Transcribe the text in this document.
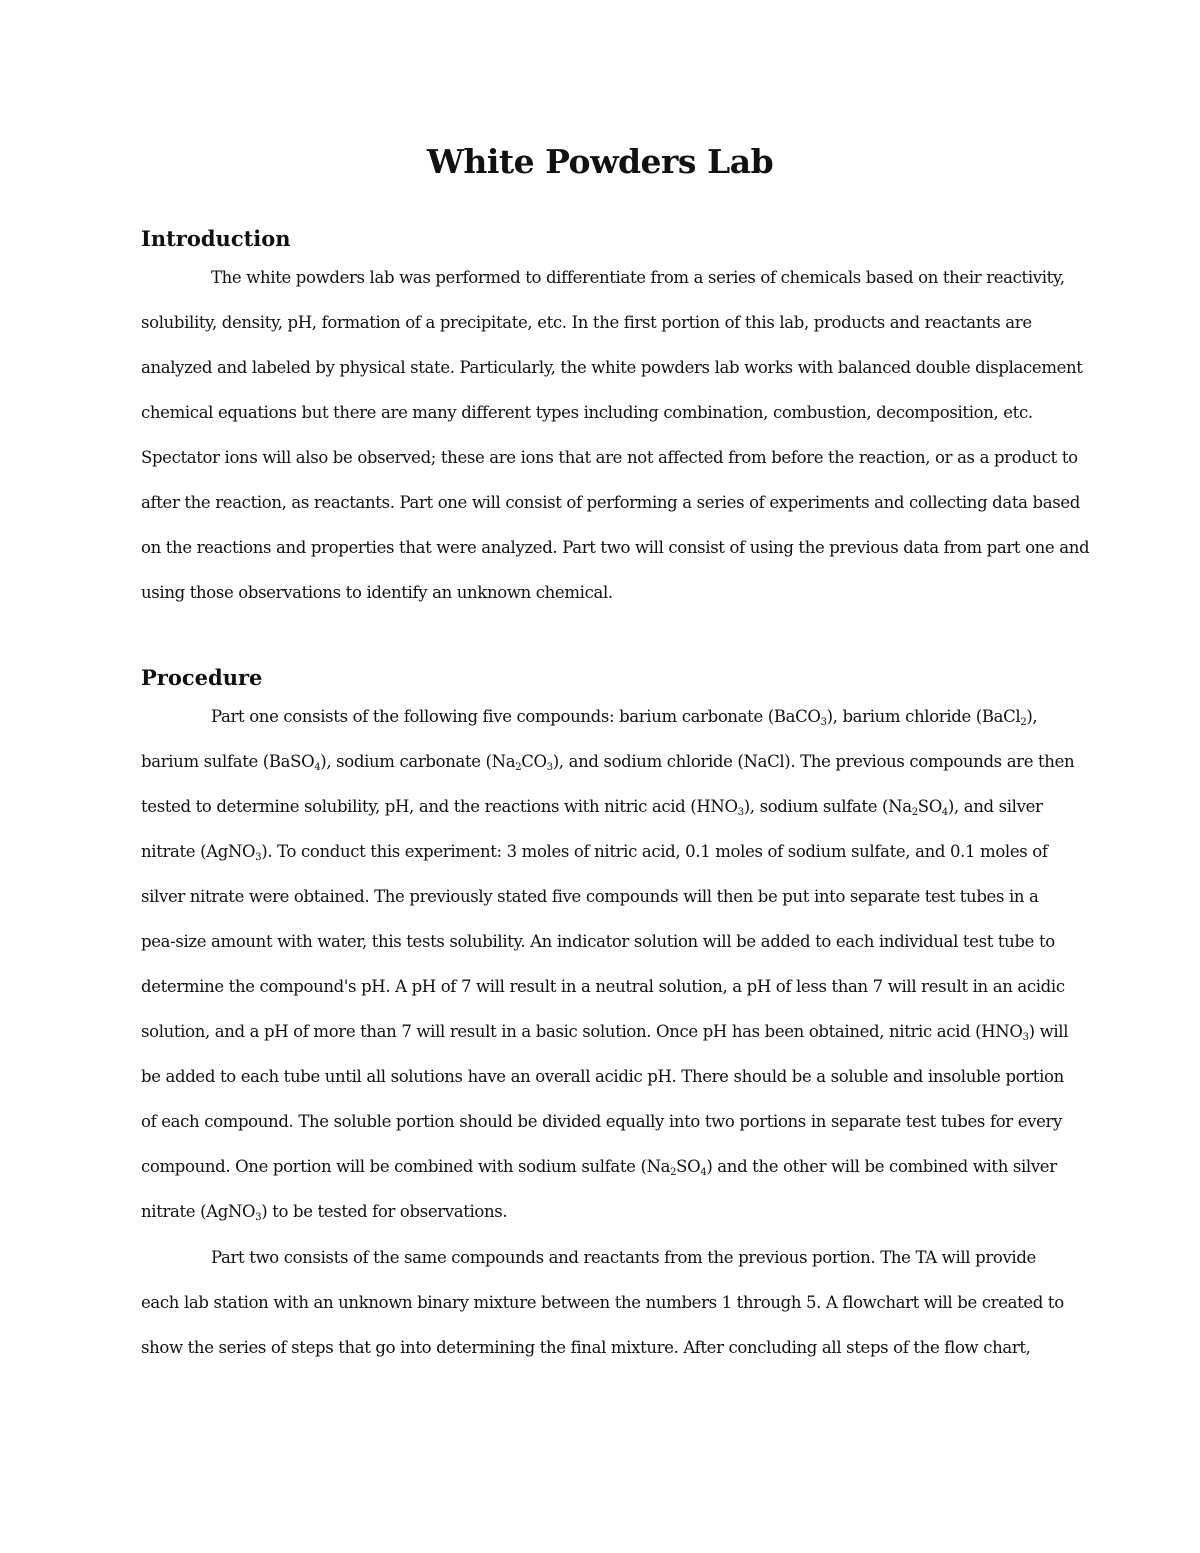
White Powders Lab
Introduction
The white powders lab was performed to differentiate from a series of chemicals based on their reactivity,
solubility, density, pH, formation of a precipitate, etc. In the first portion of this lab, products and reactants are
analyzed and labeled by physical state. Particularly, the white powders lab works with balanced double displacement
chemical equations but there are many different types including combination, combustion, decomposition, etc.
Spectator ions will also be observed; these are ions that are not affected from before the reaction, or as a product to
after the reaction, as reactants. Part one will consist of performing a series of experiments and collecting data based
on the reactions and properties that were analyzed. Part two will consist of using the previous data from part one and
using those observations to identify an unknown chemical.
Procedure
Part one consists of the following five compounds: barium carbonate (BaCO$_3$), barium chloride (BaCl$_2$),
barium sulfate (BaSO$_4$), sodium carbonate $(Na_2CO_3)$, and sodium chloride (NaCl). The previous compounds are then
tested to determine solubility, pH, and the reactions with nitric acid $(HNO_3)$, sodium sulfate $(Na_2SO_4)$, and silver
nitrate (AgNO$_3$). To conduct this experiment: 3 moles of nitric acid, 0.1 moles of sodium sulfate, and 0.1 moles of
silver nitrate were obtained. The previously stated five compounds will then be put into separate test tubes in a
pea-size amount with water, this tests solubility. An indicator solution will be added to each individual test tube to
determine the compound's pH. A pH of 7 will result in a neutral solution, a pH of less than 7 will result in an acidic
solution, and a pH of more than 7 will result in a basic solution. Once pH has been obtained, nitric acid $(HNO_3)$ will
be added to each tube until all solutions have an overall acidic pH. There should be a soluble and insoluble portion
of each compound. The soluble portion should be divided equally into two portions in separate test tubes for every
compound. One portion will be combined with sodium sulfate $(Na_2SO_4)$ and the other will be combined with silver
nitrate (AgNO$_3$) to be tested for observations.
Part two consists of the same compounds and reactants from the previous portion. The TA will provide
each lab station with an unknown binary mixture between the numbers 1 through 5. A flowchart will be created to
show the series of steps that go into determining the final mixture. After concluding all steps of the flow chart,
